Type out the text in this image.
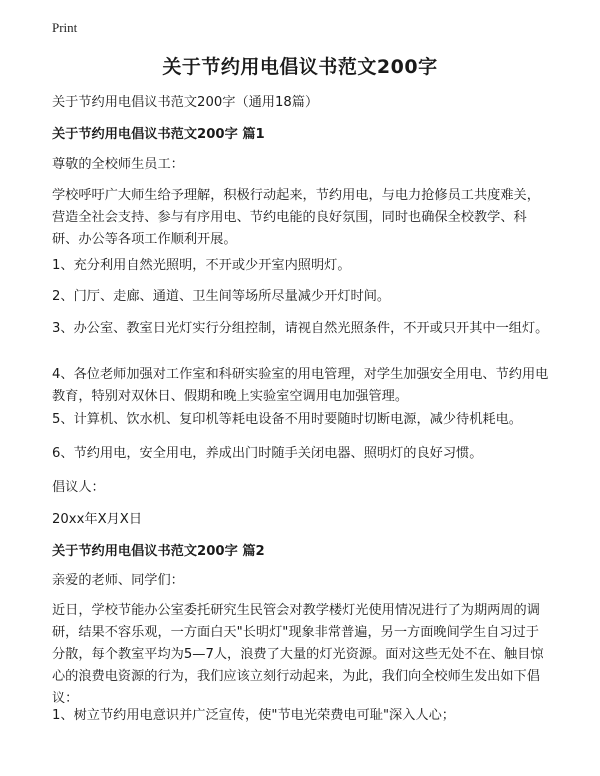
Print
关于节约用电倡议书范文200字

关于节约用电倡议书范文200字（通用18篇）

关于节约用电倡议书范文200字 篇1

尊敬的全校师生员工：

学校呼吁广大师生给予理解，积极行动起来，节约用电，与电力抢修员工共度难关，营造全社会支持、参与有序用电、节约电能的良好氛围，同时也确保全校教学、科研、办公等各项工作顺利开展。

1、充分利用自然光照明，不开或少开室内照明灯。

2、门厅、走廊、通道、卫生间等场所尽量减少开灯时间。

3、办公室、教室日光灯实行分组控制，请视自然光照条件，不开或只开其中一组灯。

4、各位老师加强对工作室和科研实验室的用电管理，对学生加强安全用电、节约用电教育，特别对双休日、假期和晚上实验室空调用电加强管理。

5、计算机、饮水机、复印机等耗电设备不用时要随时切断电源，减少待机耗电。

6、节约用电，安全用电，养成出门时随手关闭电器、照明灯的良好习惯。

倡议人：

20xx年X月X日

关于节约用电倡议书范文200字 篇2

亲爱的老师、同学们：

近日，学校节能办公室委托研究生民管会对教学楼灯光使用情况进行了为期两周的调研，结果不容乐观，一方面白天"长明灯"现象非常普遍，另一方面晚间学生自习过于分散，每个教室平均为5—7人，浪费了大量的灯光资源。面对这些无处不在、触目惊心的浪费电资源的行为，我们应该立刻行动起来，为此，我们向全校师生发出如下倡议：

1、树立节约用电意识并广泛宣传，使"节电光荣费电可耻"深入人心；
